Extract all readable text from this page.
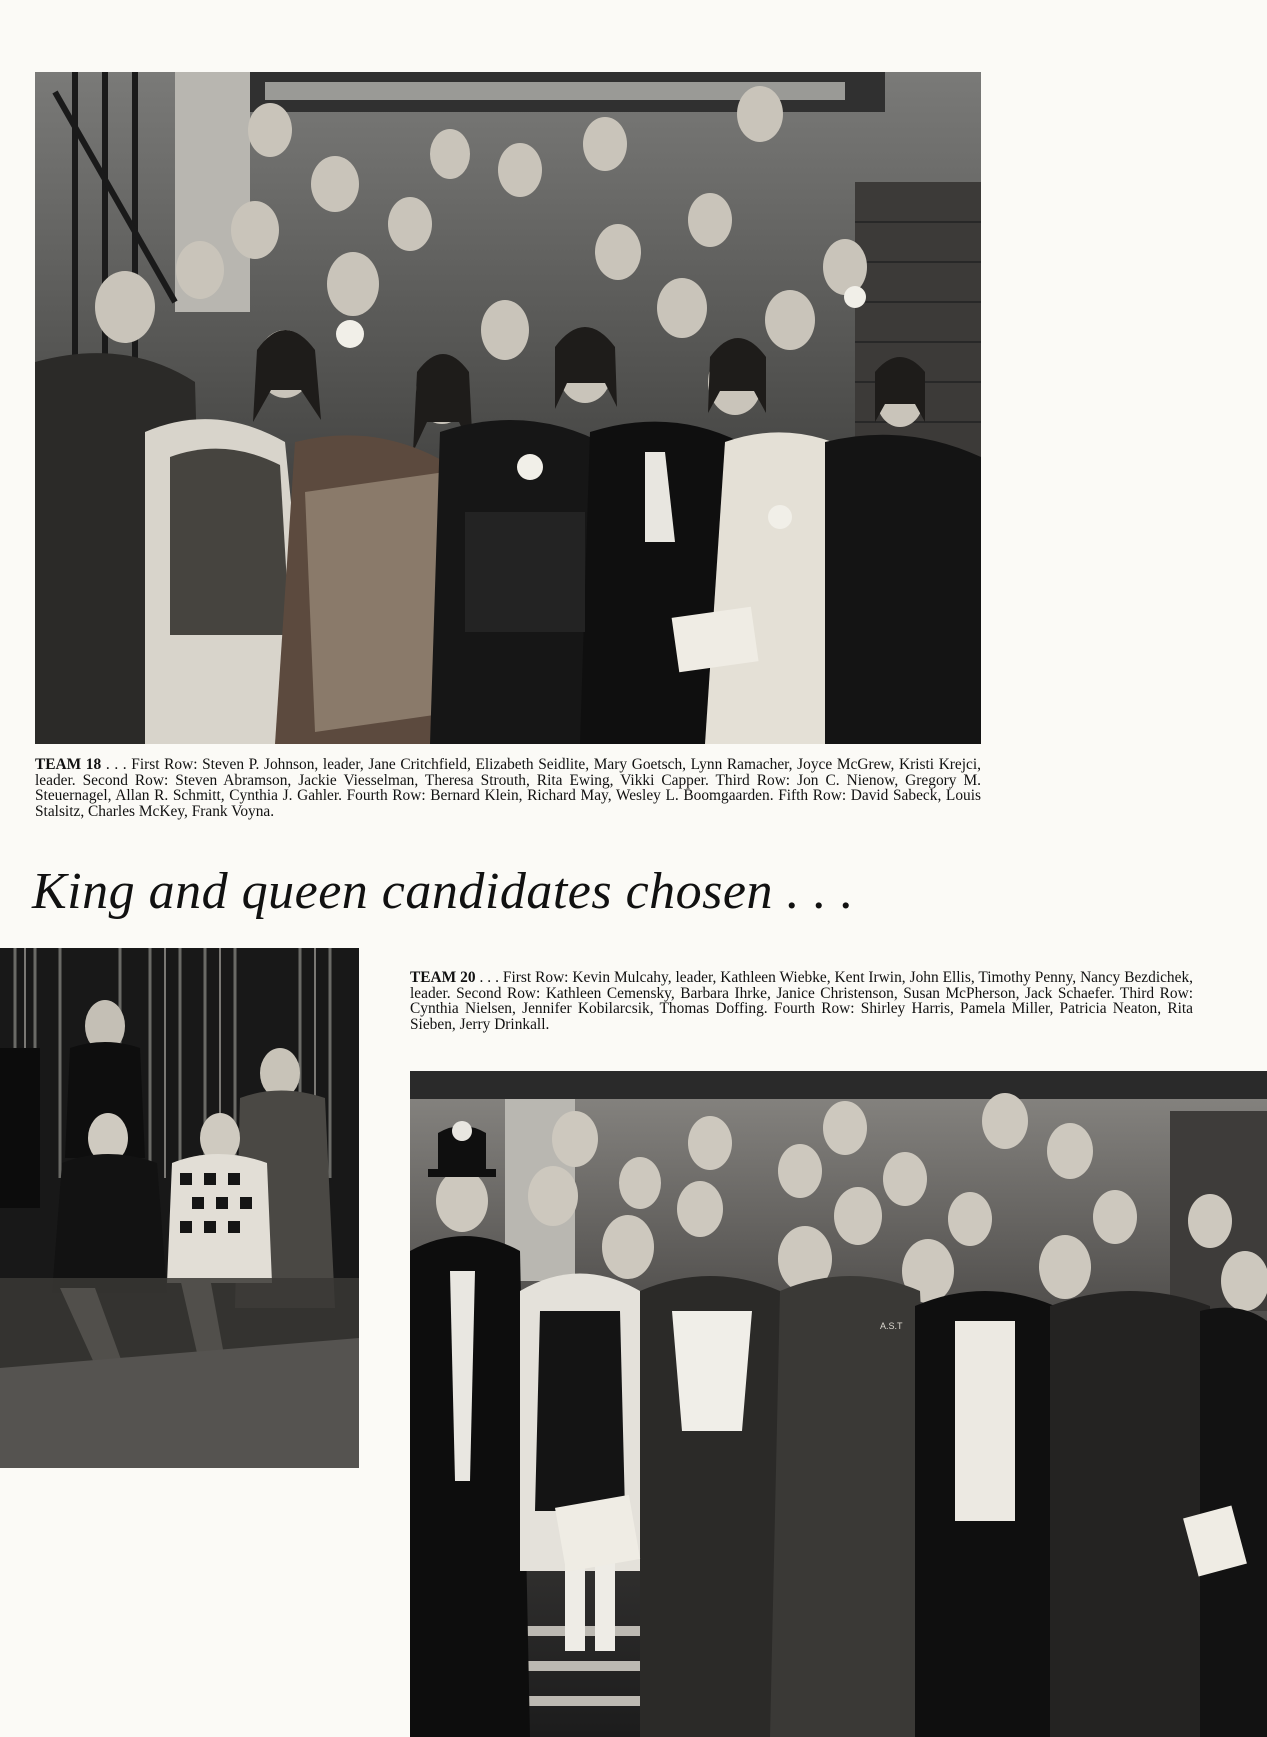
TEAM 18 . . . First Row: Steven P. Johnson, leader, Jane Critchfield, Elizabeth Seidlite, Mary Goetsch, Lynn Ramacher, Joyce McGrew, Kristi Krejci, leader. Second Row: Steven Abramson, Jackie Viesselman, Theresa Strouth, Rita Ewing, Vikki Capper. Third Row: Jon C. Nienow, Gregory M. Steuernagel, Allan R. Schmitt, Cynthia J. Gahler. Fourth Row: Bernard Klein, Richard May, Wesley L. Boomgaarden. Fifth Row: David Sabeck, Louis Stalsitz, Charles McKey, Frank Voyna.
King and queen candidates chosen . . .
TEAM 20 . . . First Row: Kevin Mulcahy, leader, Kathleen Wiebke, Kent Irwin, John Ellis, Timothy Penny, Nancy Bezdichek, leader. Second Row: Kathleen Cemensky, Barbara Ihrke, Janice Christenson, Susan McPherson, Jack Schaefer. Third Row: Cynthia Nielsen, Jennifer Kobilarcsik, Thomas Doffing. Fourth Row: Shirley Harris, Pamela Miller, Patricia Neaton, Rita Sieben, Jerry Drinkall.
A.S.T
